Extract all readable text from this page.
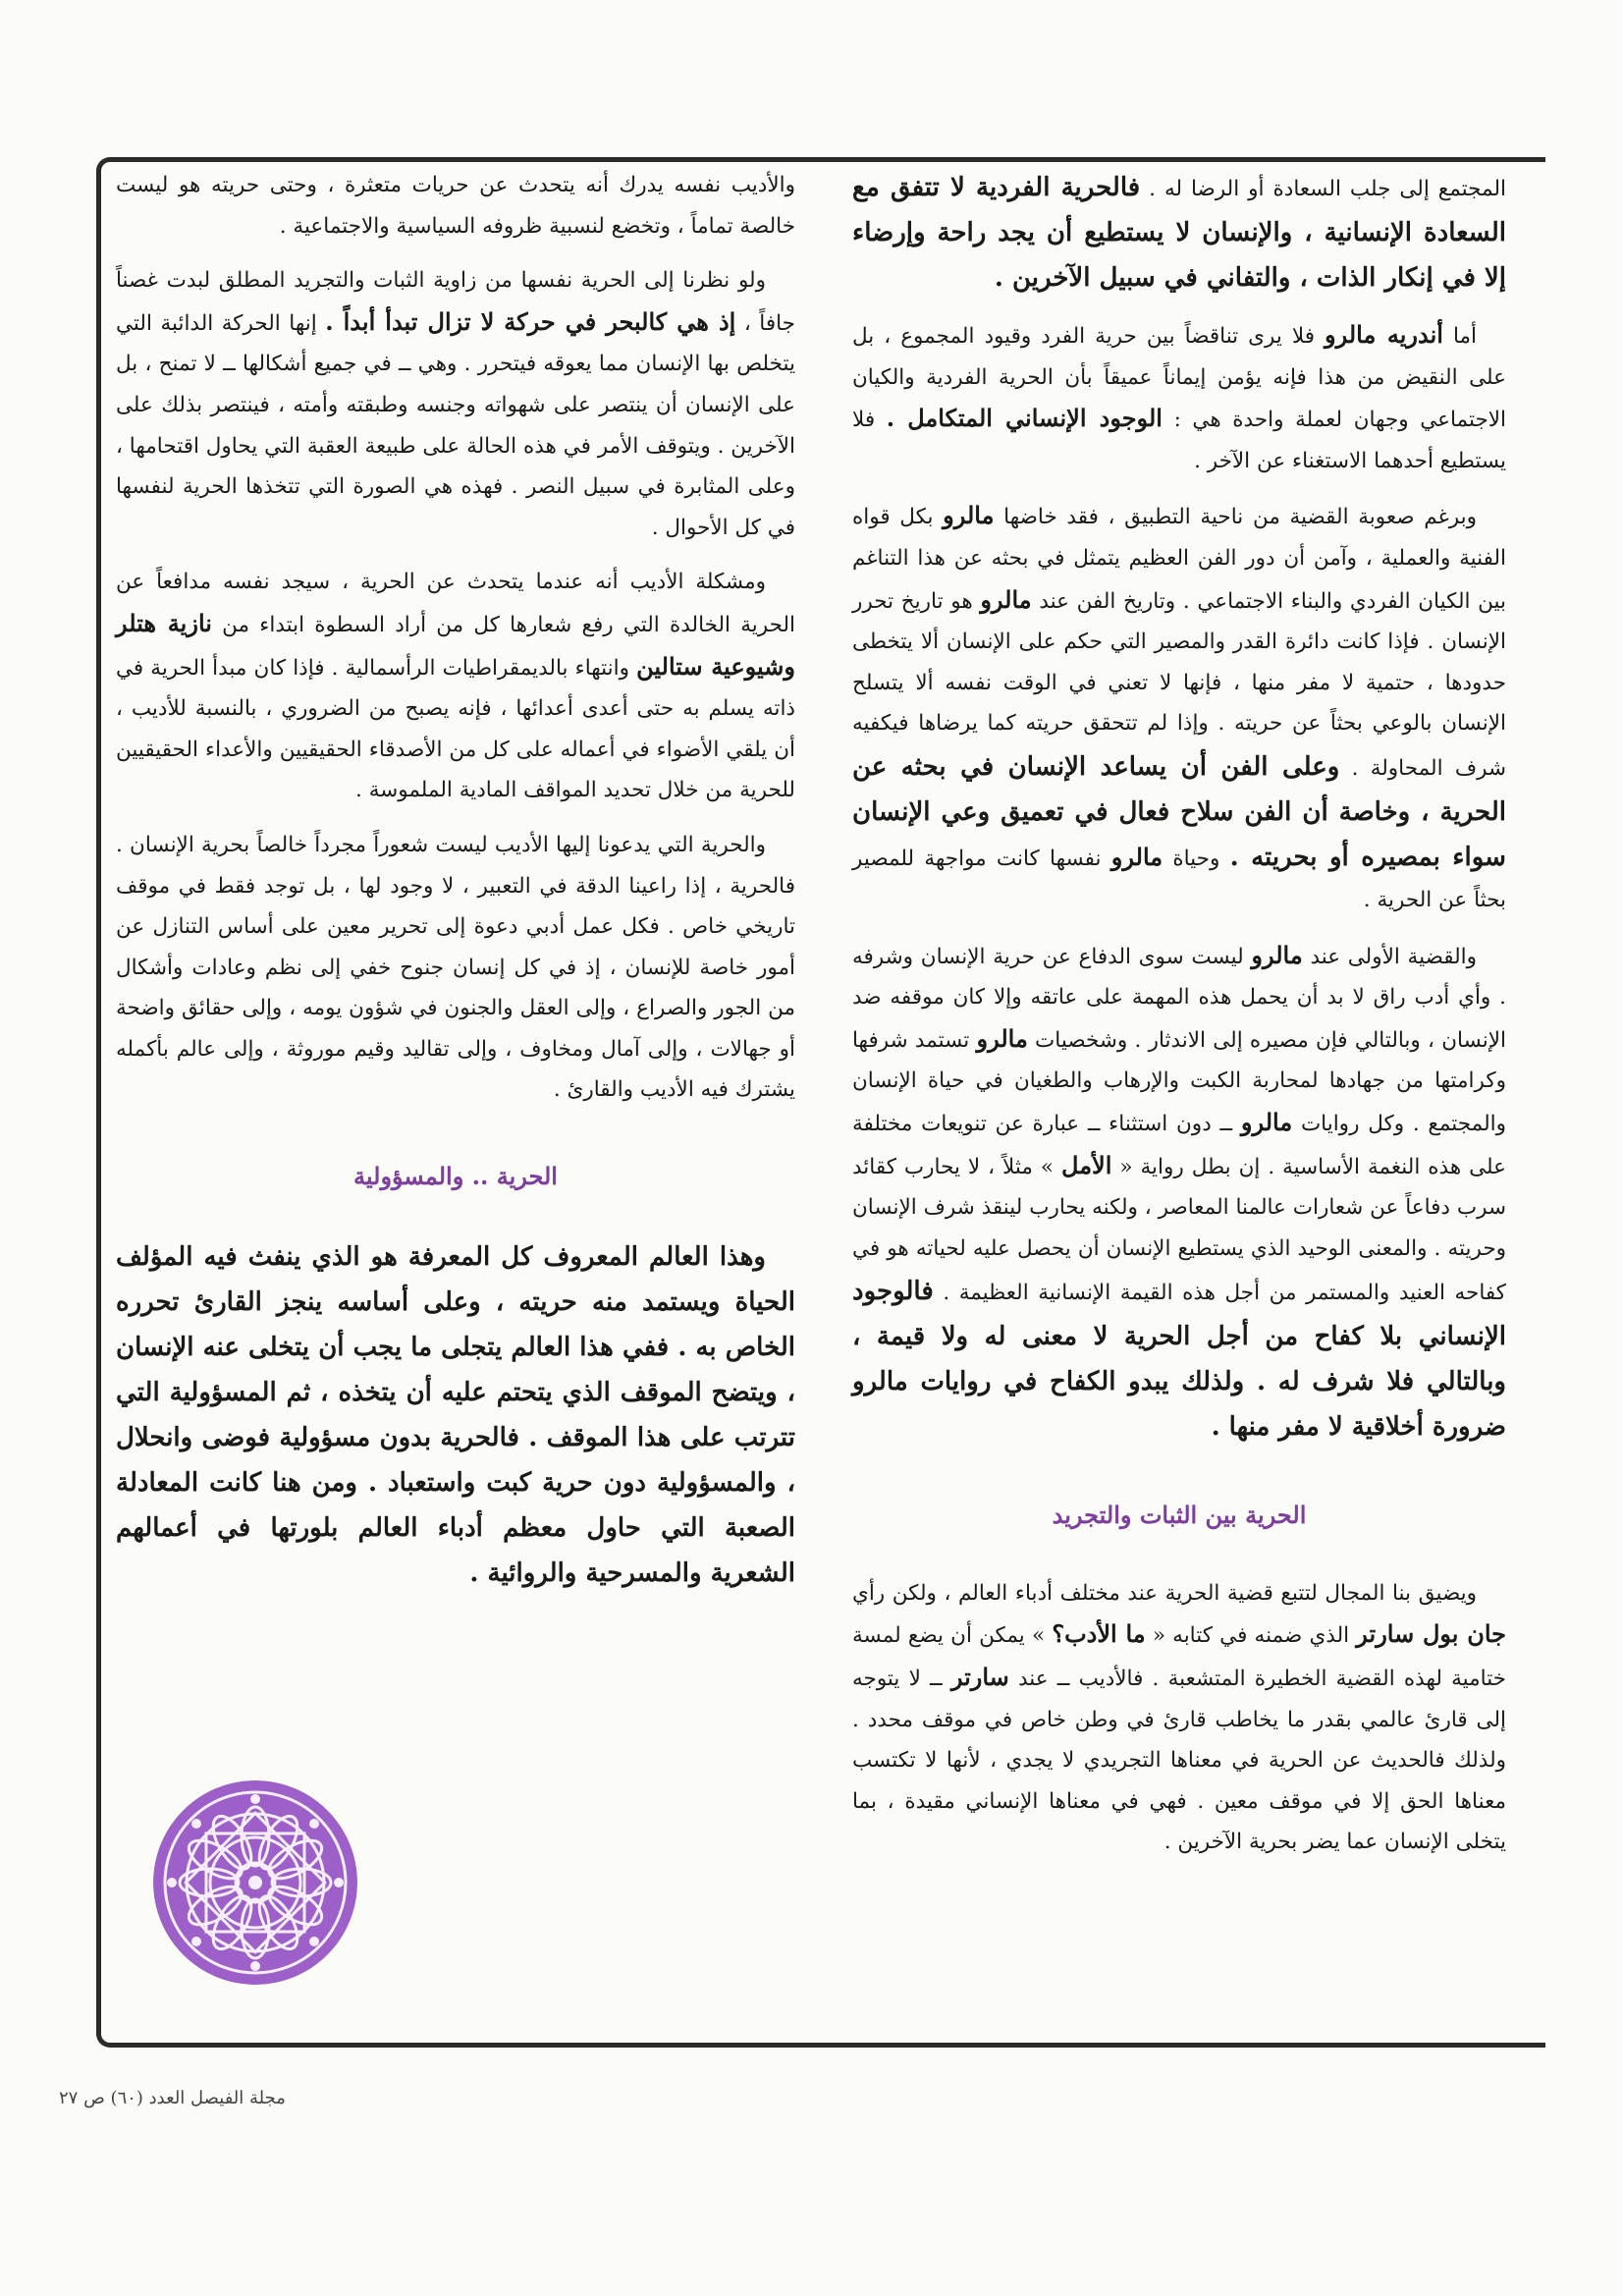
المجتمع إلى جلب السعادة أو الرضا له . فالحرية الفردية لا تتفق مع السعادة الإنسانية ، والإنسان لا يستطيع أن يجد راحة وإرضاء إلا في إنكار الذات ، والتفاني في سبيل الآخرين .

أما أندريه مالرو فلا يرى تناقضاً بين حرية الفرد وقيود المجموع ، بل على النقيض من هذا فإنه يؤمن إيماناً عميقاً بأن الحرية الفردية والكيان الاجتماعي وجهان لعملة واحدة هي : الوجود الإنساني المتكامل . فلا يستطيع أحدهما الاستغناء عن الآخر .

وبرغم صعوبة القضية من ناحية التطبيق ، فقد خاضها مالرو بكل قواه الفنية والعملية ، وآمن أن دور الفن العظيم يتمثل في بحثه عن هذا التناغم بين الكيان الفردي والبناء الاجتماعي . وتاريخ الفن عند مالرو هو تاريخ تحرر الإنسان . فإذا كانت دائرة القدر والمصير التي حكم على الإنسان ألا يتخطى حدودها ، حتمية لا مفر منها ، فإنها لا تعني في الوقت نفسه ألا يتسلح الإنسان بالوعي بحثاً عن حريته . وإذا لم تتحقق حريته كما يرضاها فيكفيه شرف المحاولة . وعلى الفن أن يساعد الإنسان في بحثه عن الحرية ، وخاصة أن الفن سلاح فعال في تعميق وعي الإنسان سواء بمصيره أو بحريته . وحياة مالرو نفسها كانت مواجهة للمصير بحثاً عن الحرية .

والقضية الأولى عند مالرو ليست سوى الدفاع عن حرية الإنسان وشرفه . وأي أدب راق لا بد أن يحمل هذه المهمة على عاتقه وإلا كان موقفه ضد الإنسان ، وبالتالي فإن مصيره إلى الاندثار . وشخصيات مالرو تستمد شرفها وكرامتها من جهادها لمحاربة الكبت والإرهاب والطغيان في حياة الإنسان والمجتمع . وكل روايات مالرو ــ دون استثناء ــ عبارة عن تنويعات مختلفة على هذه النغمة الأساسية . إن بطل رواية « الأمل » مثلاً ، لا يحارب كقائد سرب دفاعاً عن شعارات عالمنا المعاصر ، ولكنه يحارب لينقذ شرف الإنسان وحريته . والمعنى الوحيد الذي يستطيع الإنسان أن يحصل عليه لحياته هو في كفاحه العنيد والمستمر من أجل هذه القيمة الإنسانية العظيمة . فالوجود الإنساني بلا كفاح من أجل الحرية لا معنى له ولا قيمة ، وبالتالي فلا شرف له . ولذلك يبدو الكفاح في روايات مالرو ضرورة أخلاقية لا مفر منها .

الحرية بين الثبات والتجريد

ويضيق بنا المجال لتتبع قضية الحرية عند مختلف أدباء العالم ، ولكن رأي جان بول سارتر الذي ضمنه في كتابه « ما الأدب؟ » يمكن أن يضع لمسة ختامية لهذه القضية الخطيرة المتشعبة . فالأديب ــ عند سارتر ــ لا يتوجه إلى قارئ عالمي بقدر ما يخاطب قارئ في وطن خاص في موقف محدد . ولذلك فالحديث عن الحرية في معناها التجريدي لا يجدي ، لأنها لا تكتسب معناها الحق إلا في موقف معين . فهي في معناها الإنساني مقيدة ، بما يتخلى الإنسان عما يضر بحرية الآخرين .

والأديب نفسه يدرك أنه يتحدث عن حريات متعثرة ، وحتى حريته هو ليست خالصة تماماً ، وتخضع لنسبية ظروفه السياسية والاجتماعية .

ولو نظرنا إلى الحرية نفسها من زاوية الثبات والتجريد المطلق لبدت غصناً جافاً ، إذ هي كالبحر في حركة لا تزال تبدأ أبداً . إنها الحركة الدائبة التي يتخلص بها الإنسان مما يعوقه فيتحرر . وهي ــ في جميع أشكالها ــ لا تمنح ، بل على الإنسان أن ينتصر على شهواته وجنسه وطبقته وأمته ، فينتصر بذلك على الآخرين . ويتوقف الأمر في هذه الحالة على طبيعة العقبة التي يحاول اقتحامها ، وعلى المثابرة في سبيل النصر . فهذه هي الصورة التي تتخذها الحرية لنفسها في كل الأحوال .

ومشكلة الأديب أنه عندما يتحدث عن الحرية ، سيجد نفسه مدافعاً عن الحرية الخالدة التي رفع شعارها كل من أراد السطوة ابتداء من نازية هتلر وشيوعية ستالين وانتهاء بالديمقراطيات الرأسمالية . فإذا كان مبدأ الحرية في ذاته يسلم به حتى أعدى أعدائها ، فإنه يصبح من الضروري ، بالنسبة للأديب ، أن يلقي الأضواء في أعماله على كل من الأصدقاء الحقيقيين والأعداء الحقيقيين للحرية من خلال تحديد المواقف المادية الملموسة .

والحرية التي يدعونا إليها الأديب ليست شعوراً مجرداً خالصاً بحرية الإنسان . فالحرية ، إذا راعينا الدقة في التعبير ، لا وجود لها ، بل توجد فقط في موقف تاريخي خاص . فكل عمل أدبي دعوة إلى تحرير معين على أساس التنازل عن أمور خاصة للإنسان ، إذ في كل إنسان جنوح خفي إلى نظم وعادات وأشكال من الجور والصراع ، وإلى العقل والجنون في شؤون يومه ، وإلى حقائق واضحة أو جهالات ، وإلى آمال ومخاوف ، وإلى تقاليد وقيم موروثة ، وإلى عالم بأكمله يشترك فيه الأديب والقارئ .

الحرية .. والمسؤولية

وهذا العالم المعروف كل المعرفة هو الذي ينفث فيه المؤلف الحياة ويستمد منه حريته ، وعلى أساسه ينجز القارئ تحرره الخاص به . ففي هذا العالم يتجلى ما يجب أن يتخلى عنه الإنسان ، ويتضح الموقف الذي يتحتم عليه أن يتخذه ، ثم المسؤولية التي تترتب على هذا الموقف . فالحرية بدون مسؤولية فوضى وانحلال ، والمسؤولية دون حرية كبت واستعباد . ومن هنا كانت المعادلة الصعبة التي حاول معظم أدباء العالم بلورتها في أعمالهم الشعرية والمسرحية والروائية .

مجلة الفيصل العدد (٦٠) ص ٢٧
